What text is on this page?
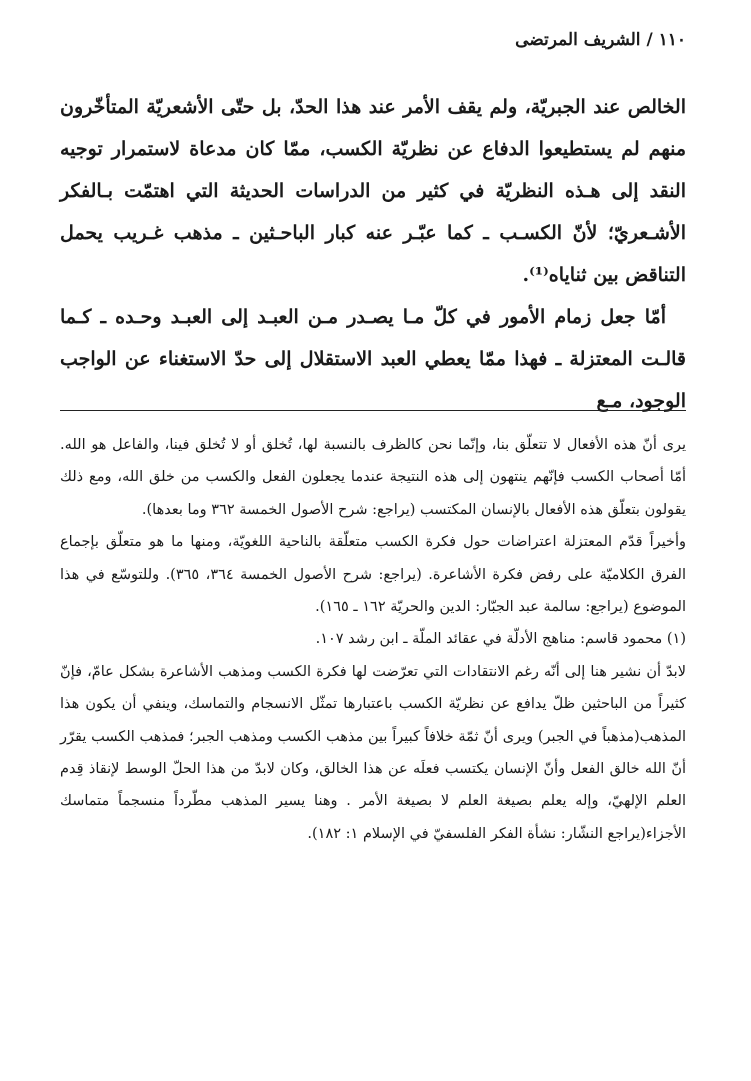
١١٠ / الشريف المرتضى

الخالص عند الجبريّة، ولم يقف الأمر عند هذا الحدّ، بل حتّى الأشعريّة المتأخّرون منهم لم يستطيعوا الدفاع عن نظريّة الكسب، ممّا كان مدعاة لاستمرار توجيه النقد إلى هـذه النظريّة في كثير من الدراسات الحديثة التي اهتمّت بـالفكر الأشـعريّ؛ لأنّ الكسـب ـ كما عبّـر عنه كبار الباحـثين ـ مذهب غـريب يحمل التناقض بين ثناياه⁽¹⁾.

أمّا جعل زمام الأمور في كلّ مـا يصـدر مـن العبـد إلى العبـد وحـده ـ كـما قالـت المعتزلة ـ فهذا ممّا يعطي العبد الاستقلال إلى حدّ الاستغناء عن الواجب الوجود، مـع

يرى أنّ هذه الأفعال لا تتعلّق بنا، وإنّما نحن كالظرف بالنسبة لها، تُخلق أو لا تُخلق فينا، والفاعل هو الله. أمّا أصحاب الكسب فإنّهم ينتهون إلى هذه النتيجة عندما يجعلون الفعل والكسب من خلق الله، ومع ذلك يقولون بتعلّق هذه الأفعال بالإنسان المكتسب (يراجع: شرح الأصول الخمسة ٣٦٢ وما بعدها).

وأخيراً قدّم المعتزلة اعتراضات حول فكرة الكسب متعلّقة بالناحية اللغويّة، ومنها ما هو متعلّق بإجماع الفرق الكلاميّة على رفض فكرة الأشاعرة. (يراجع: شرح الأصول الخمسة ٣٦٤، ٣٦٥). وللتوسّع في هذا الموضوع (يراجع: سالمة عبد الجبّار: الدين والحريّة ١٦٢ ـ ١٦٥).

(١) محمود قاسم: مناهج الأدلّة في عقائد الملّة ـ ابن رشد ١٠٧.

لابدّ أن نشير هنا إلى أنّه رغم الانتقادات التي تعرّضت لها فكرة الكسب ومذهب الأشاعرة بشكل عامّ، فإنّ كثيراً من الباحثين ظلّ يدافع عن نظريّة الكسب باعتبارها تمثّل الانسجام والتماسك، وينفي أن يكون هذا المذهب(مذهباً في الجبر) ويرى أنّ ثمّة خلافاً كبيراً بين مذهب الكسب ومذهب الجبر؛ فمذهب الكسب يقرّر أنّ الله خالق الفعل وأنّ الإنسان يكتسب فعلَه عن هذا الخالق، وكان لابدّ من هذا الحلّ الوسط لإنقاذ قِدم العلم الإلهيّ، وإله يعلم بصيغة العلم لا بصيغة الأمر . وهنا يسير المذهب مطّرداً منسجماً متماسك الأجزاء(يراجع النشّار: نشأة الفكر الفلسفيّ في الإسلام ١: ١٨٢).
